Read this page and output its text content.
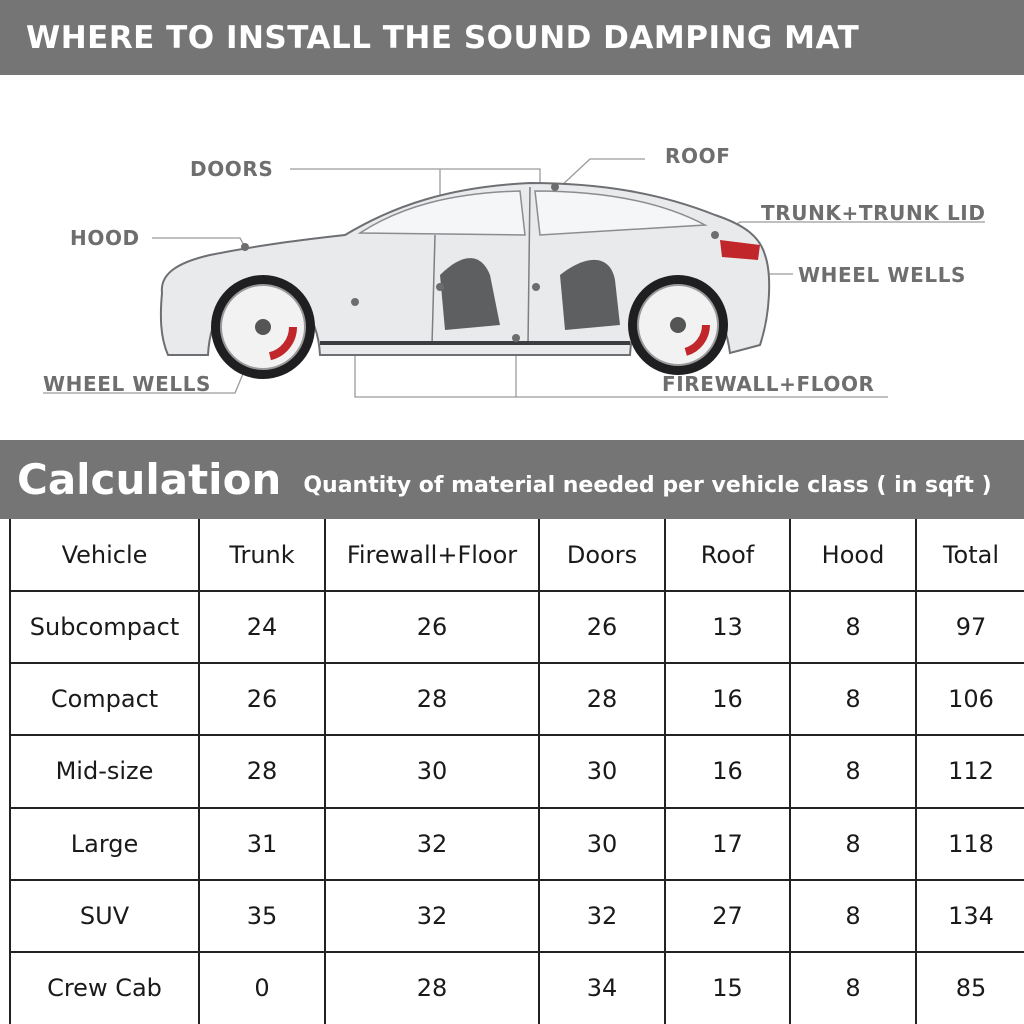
WHERE TO INSTALL THE SOUND DAMPING MAT
DOORS
ROOF
HOOD
TRUNK+TRUNK LID
WHEEL WELLS
WHEEL WELLS	FIREWALL+FLOOR
Calculation Quantity of material needed per vehicle class ( in sqft )
Vehicle	Trunk	Firewall+Floor	Doors	Roof	Hood	Total
Subcompact	24	26	26	13	8	97
Compact	26	28	28	16	8	106
Mid-size	28	30	30	16	8	112
Large	31	32	30	17	8	118
SUV	35	32	32	27	8	134
Crew Cab	0	28	34	15	8	85
